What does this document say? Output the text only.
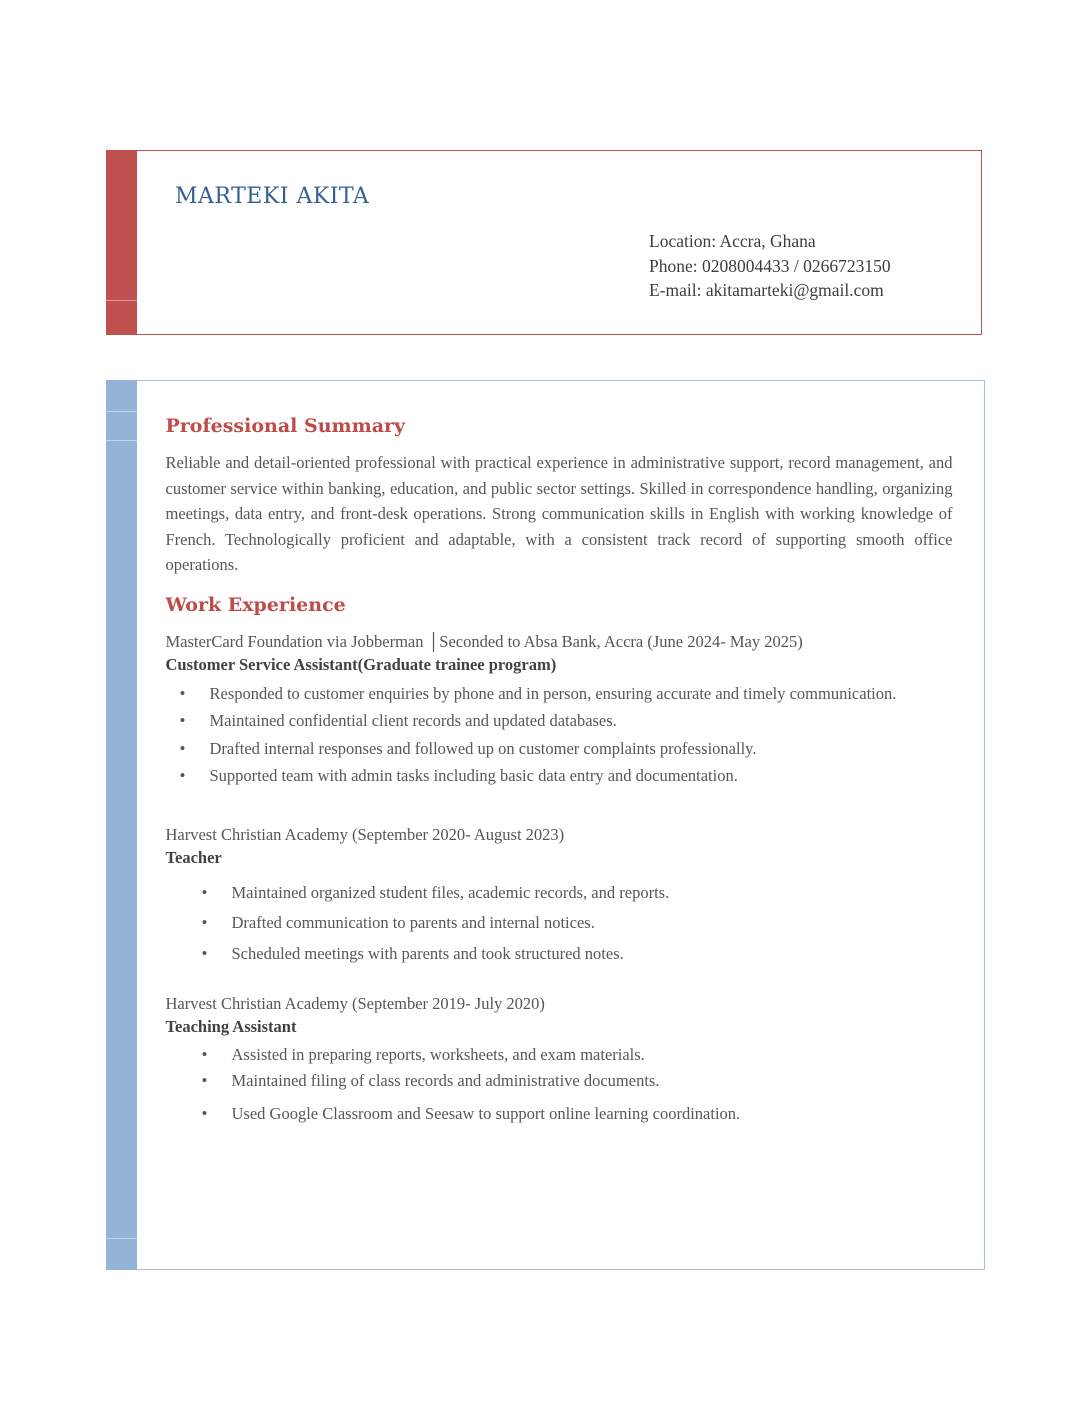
MARTEKI AKITA
Location: Accra, Ghana
Phone: 0208004433 / 0266723150
E-mail: akitamarteki@gmail.com
Professional Summary

Reliable and detail-oriented professional with practical experience in administrative support, record management, and customer service within banking, education, and public sector settings. Skilled in correspondence handling, organizing meetings, data entry, and front-desk operations. Strong communication skills in English with working knowledge of French. Technologically proficient and adaptable, with a consistent track record of supporting smooth office operations.

Work Experience
MasterCard Foundation via Jobberman │Seconded to Absa Bank, Accra (June 2024- May 2025)
Customer Service Assistant(Graduate trainee program)
• Responded to customer enquiries by phone and in person, ensuring accurate and timely communication.
• Maintained confidential client records and updated databases.
• Drafted internal responses and followed up on customer complaints professionally.
• Supported team with admin tasks including basic data entry and documentation.
Harvest Christian Academy (September 2020- August 2023)
Teacher
• Maintained organized student files, academic records, and reports.
• Drafted communication to parents and internal notices.
• Scheduled meetings with parents and took structured notes.
Harvest Christian Academy (September 2019- July 2020)
Teaching Assistant
• Assisted in preparing reports, worksheets, and exam materials.
• Maintained filing of class records and administrative documents.
• Used Google Classroom and Seesaw to support online learning coordination.
